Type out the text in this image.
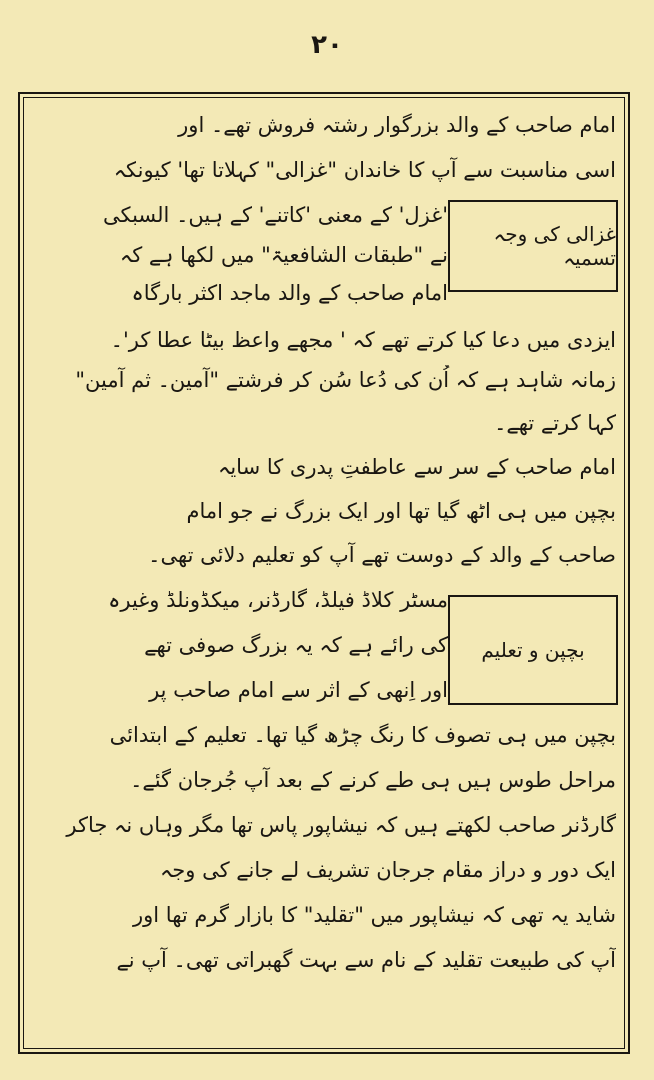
۲۰
غزالی کی وجہ تسمیہ
بچپن و تعلیم
امام صاحب کے والد بزرگوار رشتہ فروش تھے۔ اور
اسی مناسبت سے آپ کا خاندان "غزالی" کہلاتا تھا' کیونکہ
'غزل' کے معنی 'کاتنے' کے ہیں۔ السبکی
نے "طبقات الشافعیۃ" میں لکھا ہے کہ
امام صاحب کے والد ماجد اکثر بارگاہ
ایزدی میں دعا کیا کرتے تھے کہ ' مجھے واعظ بیٹا عطا کر'۔
زمانہ شاہد ہے کہ اُن کی دُعا سُن کر فرشتے "آمین۔ ثم آمین"
کہا کرتے تھے۔
امام صاحب کے سر سے عاطفتِ پدری کا سایہ
بچپن میں ہی اٹھ گیا تھا اور ایک بزرگ نے جو امام
صاحب کے والد کے دوست تھے آپ کو تعلیم دلائی تھی۔
مسٹر کلاڈ فیلڈ، گارڈنر، میکڈونلڈ وغیرہ
کی رائے ہے کہ یہ بزرگ صوفی تھے
اور اِنھی کے اثر سے امام صاحب پر
بچپن میں ہی تصوف کا رنگ چڑھ گیا تھا۔ تعلیم کے ابتدائی
مراحل طوس ہیں ہی طے کرنے کے بعد آپ جُرجان گئے۔
گارڈنر صاحب لکھتے ہیں کہ نیشاپور پاس تھا مگر وہاں نہ جاکر
ایک دور و دراز مقام جرجان تشریف لے جانے کی وجہ
شاید یہ تھی کہ نیشاپور میں "تقلید" کا بازار گرم تھا اور
آپ کی طبیعت تقلید کے نام سے بہت گھبراتی تھی۔ آپ نے
